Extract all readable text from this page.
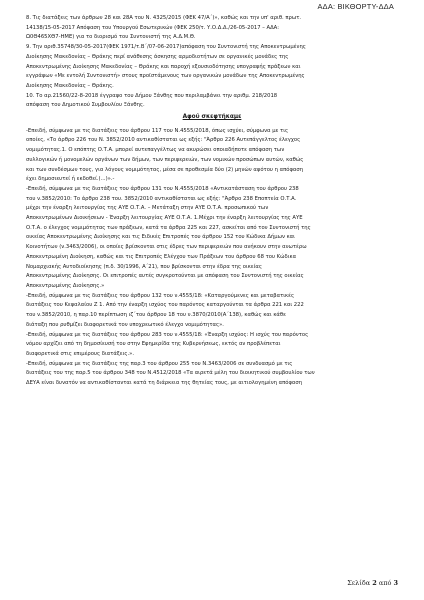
ΑΔΑ: ΒΙΚΘΟΡΤΥ-ΔΔΑ

8. Τις διατάξεις των άρθρων 28 και 28Α του Ν. 4325/2015 (ΦΕΚ 47/Α΄)», καθώς και την υπ' αριθ. πρωτ.
14138/15-05-2017 Απόφαση του Υπουργού Εσωτερικών (ΦΕΚ 250/τ. Υ.Ο.Δ.Δ./26-05-2017 – ΑΔΑ:
Ω0Θ465ΧΘ7-ΗΜΕ) για το διορισμό του Συντονιστή της Α.Δ.Μ.Θ.

9. Την αριθ.35748/30-05-2017(ΦΕΚ 1971/τ.Β΄/07-06-2017)απόφαση του Συντονιστή της Αποκεντρωμένης
Διοίκησης Μακεδονίας – Θράκης περί ανάθεσης άσκησης αρμοδιοτήτων σε οργανικές μονάδες της
Αποκεντρωμένης Διοίκησης Μακεδονίας – Θράκης και παροχή εξουσιοδότησης υπογραφής πράξεων και
εγγράφων «Με εντολή Συντονιστή» στους προϊστάμενους των οργανικών μονάδων της Αποκεντρωμένης
Διοίκησης Μακεδονίας – Θράκης.

10. Το αρ.21560/22-8-2018 έγγραφο του Δήμου Ξάνθης που περιλαμβάνει την αριθμ. 218/2018
απόφαση του Δημοτικού Συμβουλίου Ξάνθης.

Αφού σκεφτήκαμε

-Επειδή, σύμφωνα με τις διατάξεις του άρθρου 117 του Ν.4555/2018, όπως ισχύει, σύμφωνα με τις
οποίες, «Το άρθρο 226 του Ν. 3852/2010 αντικαθίσταται ως εξής: "Άρθρο 226 Αυτεπάγγελτος έλεγχος
νομιμότητας.1. Ο επόπτης Ο.Τ.Α. μπορεί αυτεπαγγέλτως να ακυρώσει οποιαδήποτε απόφαση των
συλλογικών ή μονομελών οργάνων των δήμων, των περιφερειών, των νομικών προσώπων αυτών, καθώς
και των συνδέσμων τους, για λόγους νομιμότητας, μέσα σε προθεσμία δύο (2) μηνών αφότου η απόφαση
έχει δημοσιευτεί ή εκδοθεί.(...)».-

-Επειδή, σύμφωνα με τις διατάξεις του άρθρου 131 του Ν.4555/2018 «Αντικατάσταση του άρθρου 238
του ν.3852/2010: Το άρθρο 238 του. 3852/2010 αντικαθίσταται ως εξής: "Άρθρο 238 Εποπτεία Ο.Τ.Α.
μέχρι την έναρξη λειτουργίας της ΑΥΕ Ο.Τ.Α. – Μετάταξη στην ΑΥΕ Ο.Τ.Α. προσωπικού των
Αποκεντρωμένων Διοικήσεων - Έναρξη λειτουργίας ΑΥΕ Ο.Τ.Α. 1.Μέχρι την έναρξη λειτουργίας της ΑΥΕ
Ο.Τ.Α. ο έλεγχος νομιμότητας των πράξεων, κατά τα άρθρα 225 και 227, ασκείται από τον Συντονιστή της
οικείας Αποκεντρωμένης Διοίκησης και τις Ειδικές Επιτροπές του άρθρου 152 του Κώδικα Δήμων και
Κοινοτήτων (ν.3463/2006), οι οποίες βρίσκονται στις έδρες των περιφερειών που ανήκουν στην ανωτέρω
Αποκεντρωμένη Διοίκηση, καθώς και τις Επιτροπές Ελέγχου των Πράξεων του άρθρου 68 του Κώδικα
Νομαρχιακής Αυτοδιοίκησης (π.δ. 30/1996, Α΄21), που βρίσκονται στην έδρα της οικείας
Αποκεντρωμένης Διοίκησης. Οι επιτροπές αυτές συγκροτούνται με απόφαση του Συντονιστή της οικείας
Αποκεντρωμένης Διοίκησης.»

-Επειδή, σύμφωνα με τις διατάξεις του άρθρου 132 του ν.4555/18: «Καταργούμενες και μεταβατικές
διατάξεις του Κεφαλαίου Ζ 1. Από την έναρξη ισχύος του παρόντος καταργούνται τα άρθρα 221 και 222
του ν.3852/2010, η παρ.10 περίπτωση ιζ΄του άρθρου 18 του ν.3870/2010(Α΄138), καθώς και κάθε
διάταξη που ρυθμίζει διαφορετικά τον υποχρεωτικό έλεγχο νομιμότητας».

-Επειδή, σύμφωνα με τις διατάξεις του άρθρου 283 του ν.4555/18: «Έναρξη ισχύος: Η ισχύς του παρόντος
νόμου αρχίζει από τη δημοσίευσή του στην Εφημερίδα της Κυβερνήσεως, εκτός αν προβλέπεται
διαφορετικά στις επιμέρους διατάξεις.».

-Επειδή, σύμφωνα με τις διατάξεις της παρ.3 του άρθρου 255 του Ν.3463/2006 σε συνδυασμό με τις
διατάξεις του της παρ.5 του άρθρου 348 του Ν.4512/2018 «Τα αιρετά μέλη του διοικητικού συμβουλίου των
ΔΕΥΑ είναι δυνατόν να αντικαθίστανται κατά τη διάρκεια της θητείας τους, με αιτιολογημένη απόφαση

Σελίδα 2 από 3
